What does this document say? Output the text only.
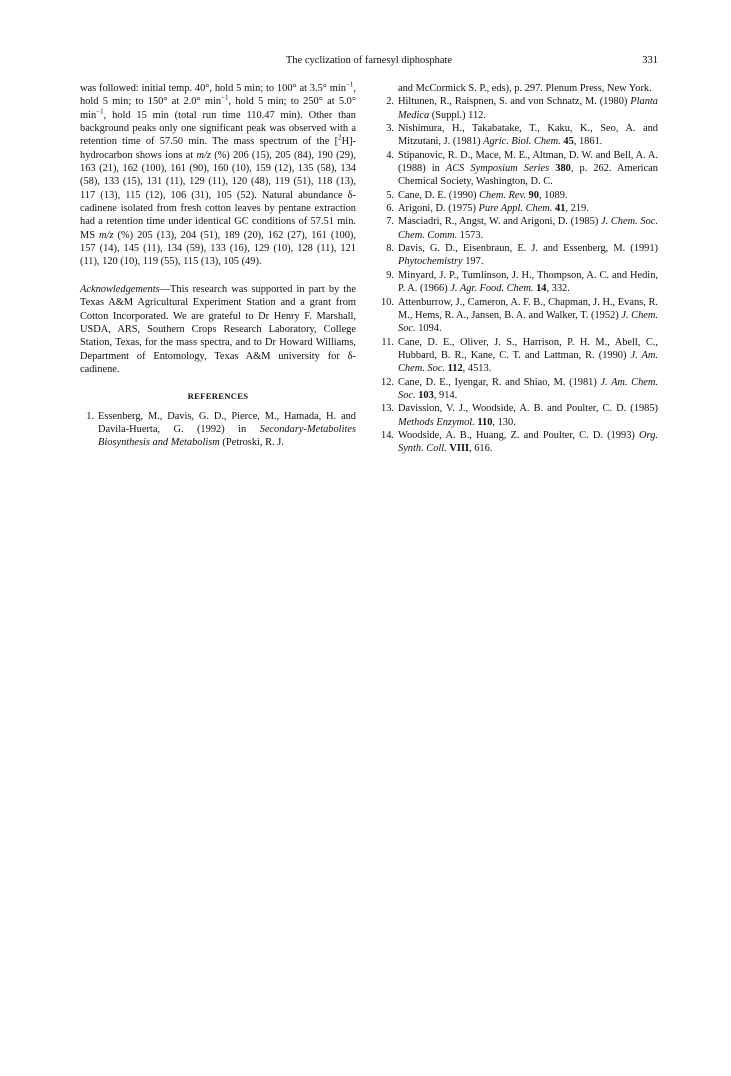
The cyclization of farnesyl diphosphate	331

was followed: initial temp. 40°, hold 5 min; to 100° at 3.5° $\min^{-1}$, hold 5 min; to 150° at 2.0° $\min^{-1}$, hold 5 min; to 250° at 5.0° $\min^{-1}$, hold 15 min (total run time 110.47 min). Other than background peaks only one significant peak was observed with a retention time of 57.50 min. The mass spectrum of the [$^2$H]-hydrocarbon shows ions at m/z (%) 206 (15), 205 (84), 190 (29), 163 (21), 162 (100), 161 (90), 160 (10), 159 (12), 135 (58), 134 (58), 133 (15), 131 (11), 129 (11), 120 (48), 119 (51), 118 (13), 117 (13), 115 (12), 106 (31), 105 (52). Natural abundance δ-cadinene isolated from fresh cotton leaves by pentane extraction had a retention time under identical GC conditions of 57.51 min. MS m/z (%) 205 (13), 204 (51), 189 (20), 162 (27), 161 (100), 157 (14), 145 (11), 134 (59), 133 (16), 129 (10), 128 (11), 121 (11), 120 (10), 119 (55), 115 (13), 105 (49).

Acknowledgements—This research was supported in part by the Texas A&M Agricultural Experiment Station and a grant from Cotton Incorporated. We are grateful to Dr Henry F. Marshall, USDA, ARS, Southern Crops Research Laboratory, College Station, Texas, for the mass spectra, and to Dr Howard Williams, Department of Entomology, Texas A&M university for δ-cadinene.

REFERENCES
1. Essenberg, M., Davis, G. D., Pierce, M., Hamada, H. and Davila-Huerta, G. (1992) in Secondary-Metabolites Biosynthesis and Metabolism (Petroski, R. J.
and McCormick S. P., eds), p. 297. Plenum Press, New York.
2. Hiltunen, R., Raispnen, S. and von Schnatz, M. (1980) Planta Medica (Suppl.) 112.
3. Nishimura, H., Takabatake, T., Kaku, K., Seo, A. and Mitzutani, J. (1981) Agric. Biol. Chem. 45, 1861.
4. Stipanovic, R. D., Mace, M. E., Altman, D. W. and Bell, A. A. (1988) in ACS Symposium Series 380, p. 262. American Chemical Society, Washington, D. C.
5. Cane, D. E. (1990) Chem. Rev. 90, 1089.
6. Arigoni, D. (1975) Pure Appl. Chem. 41, 219.
7. Masciadri, R., Angst, W. and Arigoni, D. (1985) J. Chem. Soc. Chem. Comm. 1573.
8. Davis, G. D., Eisenbraun, E. J. and Essenberg, M. (1991) Phytochemistry 197.
9. Minyard, J. P., Tumlinson, J. H., Thompson, A. C. and Hedin, P. A. (1966) J. Agr. Food. Chem. 14, 332.
10. Attenburrow, J., Cameron, A. F. B., Chapman, J. H., Evans, R. M., Hems, R. A., Jansen, B. A. and Walker, T. (1952) J. Chem. Soc. 1094.
11. Cane, D. E., Oliver, J. S., Harrison, P. H. M., Abell, C., Hubbard, B. R., Kane, C. T. and Lattman, R. (1990) J. Am. Chem. Soc. 112, 4513.
12. Cane, D. E., Iyengar, R. and Shiao, M. (1981) J. Am. Chem. Soc. 103, 914.
13. Davission, V. J., Woodside, A. B. and Poulter, C. D. (1985) Methods Enzymol. 110, 130.
14. Woodside, A. B., Huang, Z. and Poulter, C. D. (1993) Org. Synth. Coll. VIII, 616.
